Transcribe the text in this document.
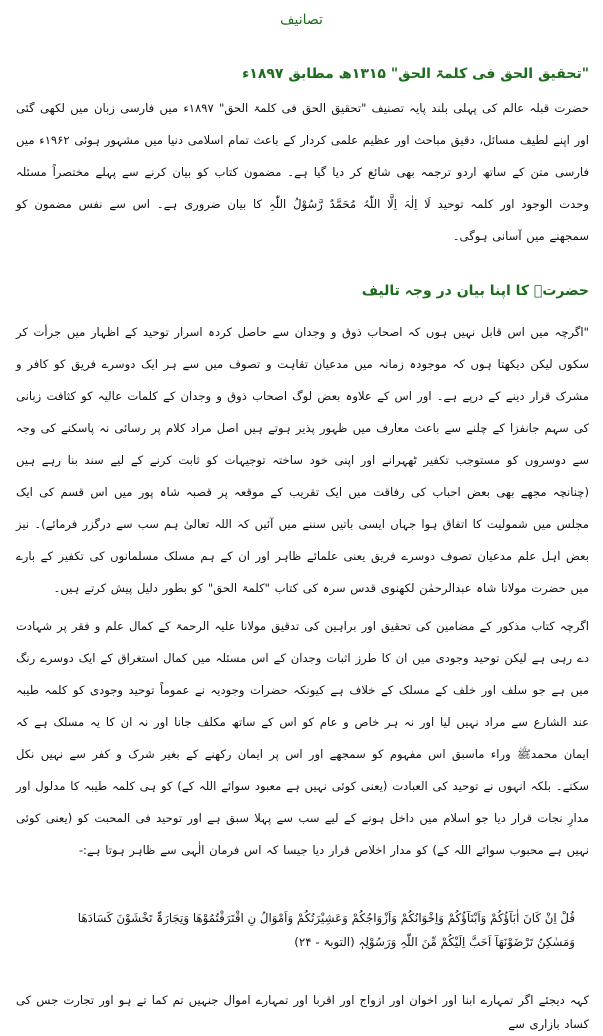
تصانیف
"تحقیق الحق فی کلمۃ الحق" ۱۳۱۵ھ مطابق ۱۸۹۷ء
حضرت قبلہ عالم کی پہلی بلند پایہ تصنیف "تحقیق الحق فی کلمۃ الحق" ۱۸۹۷ء میں فارسی زبان میں لکھی گئی اور اپنے لطیف مسائل، دقیق مباحث اور عظیم علمی کردار کے باعث تمام اسلامی دنیا میں مشہور ہوئی ۱۹۶۲ء میں فارسی متن کے ساتھ اردو ترجمہ بھی شائع کر دیا گیا ہے۔ مضمون کتاب کو بیان کرنے سے پہلے مختصراً مسئلہ وحدت الوجود اور کلمہ توحید لَا اِلٰہَ اِلَّا اللّٰہُ مُحَمَّدٌ رَّسُوْلُ اللّٰہِ کا بیان ضروری ہے۔ اس سے نفس مضمون کو سمجھنے میں آسانی ہوگی۔
حضرتؒ کا اپنا بیان در وجہ تالیف
"اگرچہ میں اس قابل نہیں ہوں کہ اصحاب ذوق و وجدان سے حاصل کردہ اسرار توحید کے اظہار میں جرأت کر سکوں لیکن دیکھتا ہوں کہ موجودہ زمانہ میں مدعیان تقاہت و تصوف میں سے ہر ایک دوسرے فریق کو کافر و مشرک قرار دینے کے درپے ہے۔ اور اس کے علاوہ بعض لوگ اصحاب ذوق و وجدان کے کلمات عالیہ کو کثافت زبانی کی سہم جانفزا کے چلنے سے باعث معارف میں ظہور پذیر ہوتے ہیں اصل مراد کلام پر رسائی نہ پاسکنے کی وجہ سے دوسروں کو مستوجب تکفیر ٹھہرانے اور اپنی خود ساختہ توجیہات کو ثابت کرنے کے لیے سند بنا رہے ہیں (چنانچہ مجھے بھی بعض احباب کی رفاقت میں ایک تقریب کے موقعہ پر قصبہ شاہ پور میں اس قسم کی ایک مجلس میں شمولیت کا اتفاق ہوا جہاں ایسی باتیں سننے میں آئیں کہ اللہ تعالیٰ ہم سب سے درگزر فرمائے)۔ نیز بعض اہل علم مدعیان تصوف دوسرے فریق یعنی علمائے ظاہر اور ان کے ہم مسلک مسلمانوں کی تکفیر کے بارے میں حضرت مولانا شاہ عبدالرحمٰن لکھنوی قدس سرہ کی کتاب "کلمۃ الحق" کو بطور دلیل پیش کرتے ہیں۔
اگرچہ کتاب مذکور کے مضامین کی تحقیق اور براہین کی تدقیق مولانا علیہ الرحمۃ کے کمال علم و فقر پر شہادت دے رہی ہے لیکن توحید وجودی میں ان کا طرز اثبات وجدان کے اس مسئلہ میں کمال استغراق کے ایک دوسرے رنگ میں ہے جو سلف اور خلف کے مسلک کے خلاف ہے کیونکہ حضرات وجودیہ نے عموماً توحید وجودی کو کلمہ طیبہ عند الشارع سے مراد نہیں لیا اور نہ ہر خاص و عام کو اس کے ساتھ مکلف جانا اور نہ ان کا یہ مسلک ہے کہ ایمان محمدﷺ وراء ماسبق اس مفہوم کو سمجھے اور اس پر ایمان رکھنے کے بغیر شرک و کفر سے نہیں نکل سکتے۔ بلکہ انہوں نے توحید کی العبادت (یعنی کوئی نہیں ہے معبود سوائے اللہ کے) کو ہی کلمہ طیبہ کا مدلول اور مدارِ نجات قرار دیا جو اسلام میں داخل ہونے کے لیے سب سے پہلا سبق ہے اور توحید فی المحبت کو (یعنی کوئی نہیں ہے محبوب سوائے اللہ کے) کو مدار اخلاص قرار دیا جیسا کہ اس فرمان الٰہی سے ظاہر ہوتا ہے:-
قُلْ اِنْ کَانَ اٰبَآؤُکُمْ وَاَبْنَآؤُکُمْ وَاِخْوَانُکُمْ وَاَزْوَاجُکُمْ وَعَشِیْرَتُکُمْ وَاَمْوَالُ نِ اقْتَرَفْتُمُوْھَا وَتِجَارَۃٌ تَخْشَوْنَ کَسَادَھَا
وَمَسٰکِنُ تَرْضَوْنَھَآ اَحَبَّ اِلَیْکُمْ مِّنَ اللّٰہِ وَرَسُوْلِہٖ (التوبۃ - ۲۴)
کہہ دیجئے اگر تمہارے ابنا اور اخوان اور ازواج اور اقربا اور تمہارے اموال جنہیں تم کما تے ہو اور تجارت جس کی کساد بازاری سے
